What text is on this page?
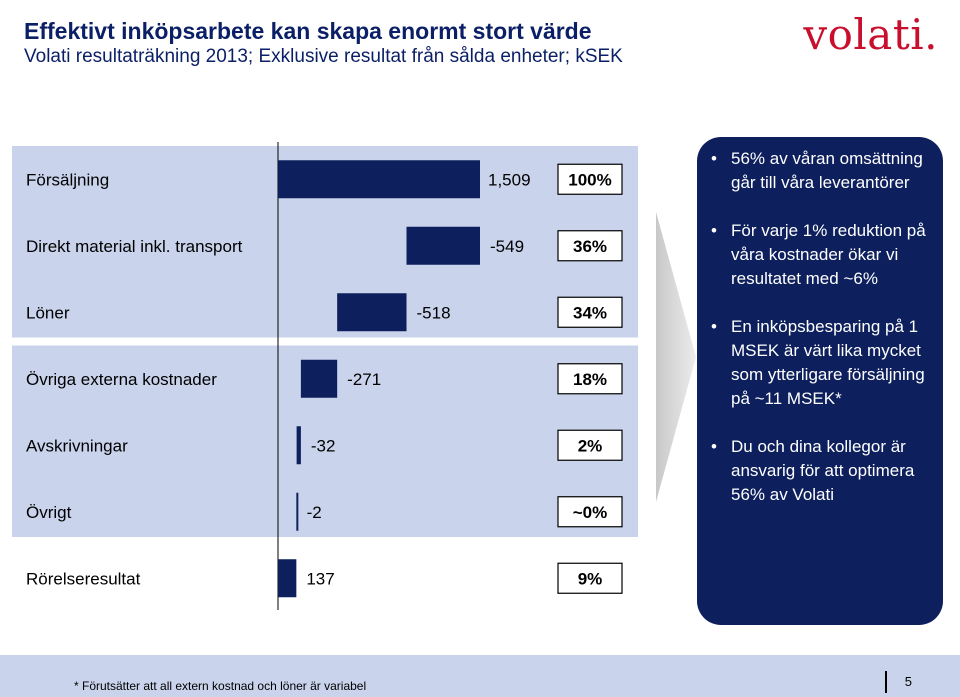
Effektivt inköpsarbete kan skapa enormt stort värde
Volati resultaträkning 2013; Exklusive resultat från sålda enheter; kSEK	volati.
Försäljning	1,509 100%
Direkt material inkl. transport	-549	36%
Löner	-518	34%
Övriga externa kostnader	-271	18%
Avskrivningar	-32	2%
Övrigt	-2	~0%
Rörelseresultat	137	9%
• 56% av våran omsättning går till våra leverantörer
• För varje 1% reduktion på våra kostnader ökar vi resultatet med ~6%
• En inköpsbesparing på 1 MSEK är värt lika mycket som ytterligare försäljning på ~11 MSEK*
• Du och dina kollegor är ansvarig för att optimera 56% av Volati
* Förutsätter att all extern kostnad och löner är variabel	5
